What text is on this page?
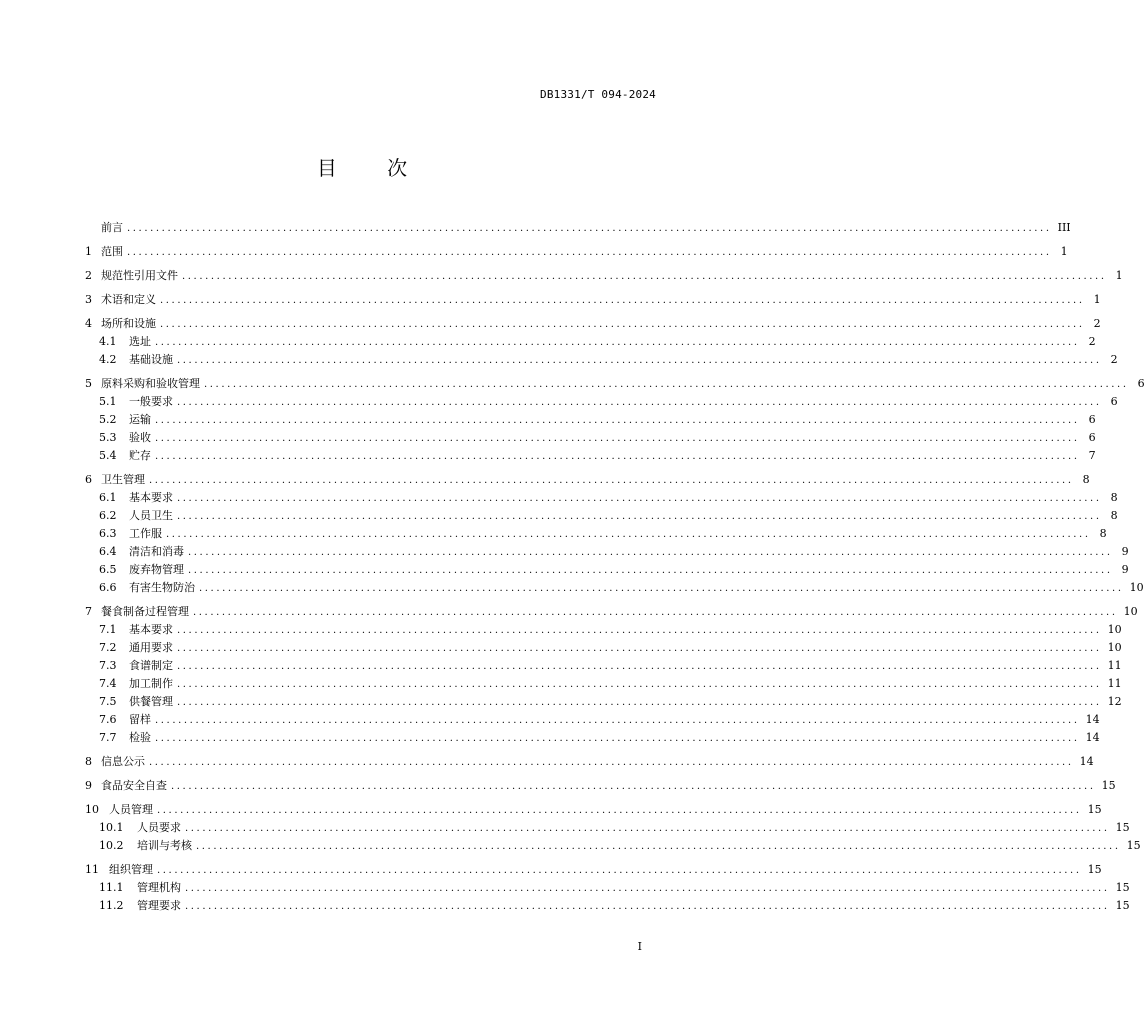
DB1331/T 094-2024
目	次
前言 ................................................................................................................................................................ III
1 范围 ................................................................................................................................................................ 1
2 规范性引用文件 ................................................................................................................................................................ 1
3 术语和定义 ................................................................................................................................................................ 1
4 场所和设施 ................................................................................................................................................................ 2
4.1	选址 ................................................................................................................................................................ 2
4.2	基础设施 ................................................................................................................................................................ 2
5 原料采购和验收管理 ................................................................................................................................................................ 6
5.1	一般要求 ................................................................................................................................................................ 6
5.2	运输 ................................................................................................................................................................ 6
5.3	验收 ................................................................................................................................................................ 6
5.4	贮存 ................................................................................................................................................................ 7
6 卫生管理 ................................................................................................................................................................ 8
6.1	基本要求 ................................................................................................................................................................ 8
6.2	人员卫生 ................................................................................................................................................................ 8
6.3	工作服 ................................................................................................................................................................ 8
6.4	清洁和消毒 ................................................................................................................................................................ 9
6.5	废弃物管理 ................................................................................................................................................................ 9
6.6	有害生物防治 ................................................................................................................................................................ 10
7 餐食制备过程管理 ................................................................................................................................................................ 10
7.1	基本要求 ................................................................................................................................................................ 10
7.2	通用要求 ................................................................................................................................................................ 10
7.3	食谱制定 ................................................................................................................................................................ 11
7.4	加工制作 ................................................................................................................................................................ 11
7.5	供餐管理 ................................................................................................................................................................ 12
7.6	留样 ................................................................................................................................................................ 14
7.7	检验 ................................................................................................................................................................ 14
8 信息公示 ................................................................................................................................................................ 14
9 食品安全自查 ................................................................................................................................................................ 15
10 人员管理 ................................................................................................................................................................ 15
10.1	人员要求 ................................................................................................................................................................ 15
10.2	培训与考核 ................................................................................................................................................................ 15
11 组织管理 ................................................................................................................................................................ 15
11.1	管理机构 ................................................................................................................................................................ 15
11.2	管理要求 ................................................................................................................................................................ 15
I
